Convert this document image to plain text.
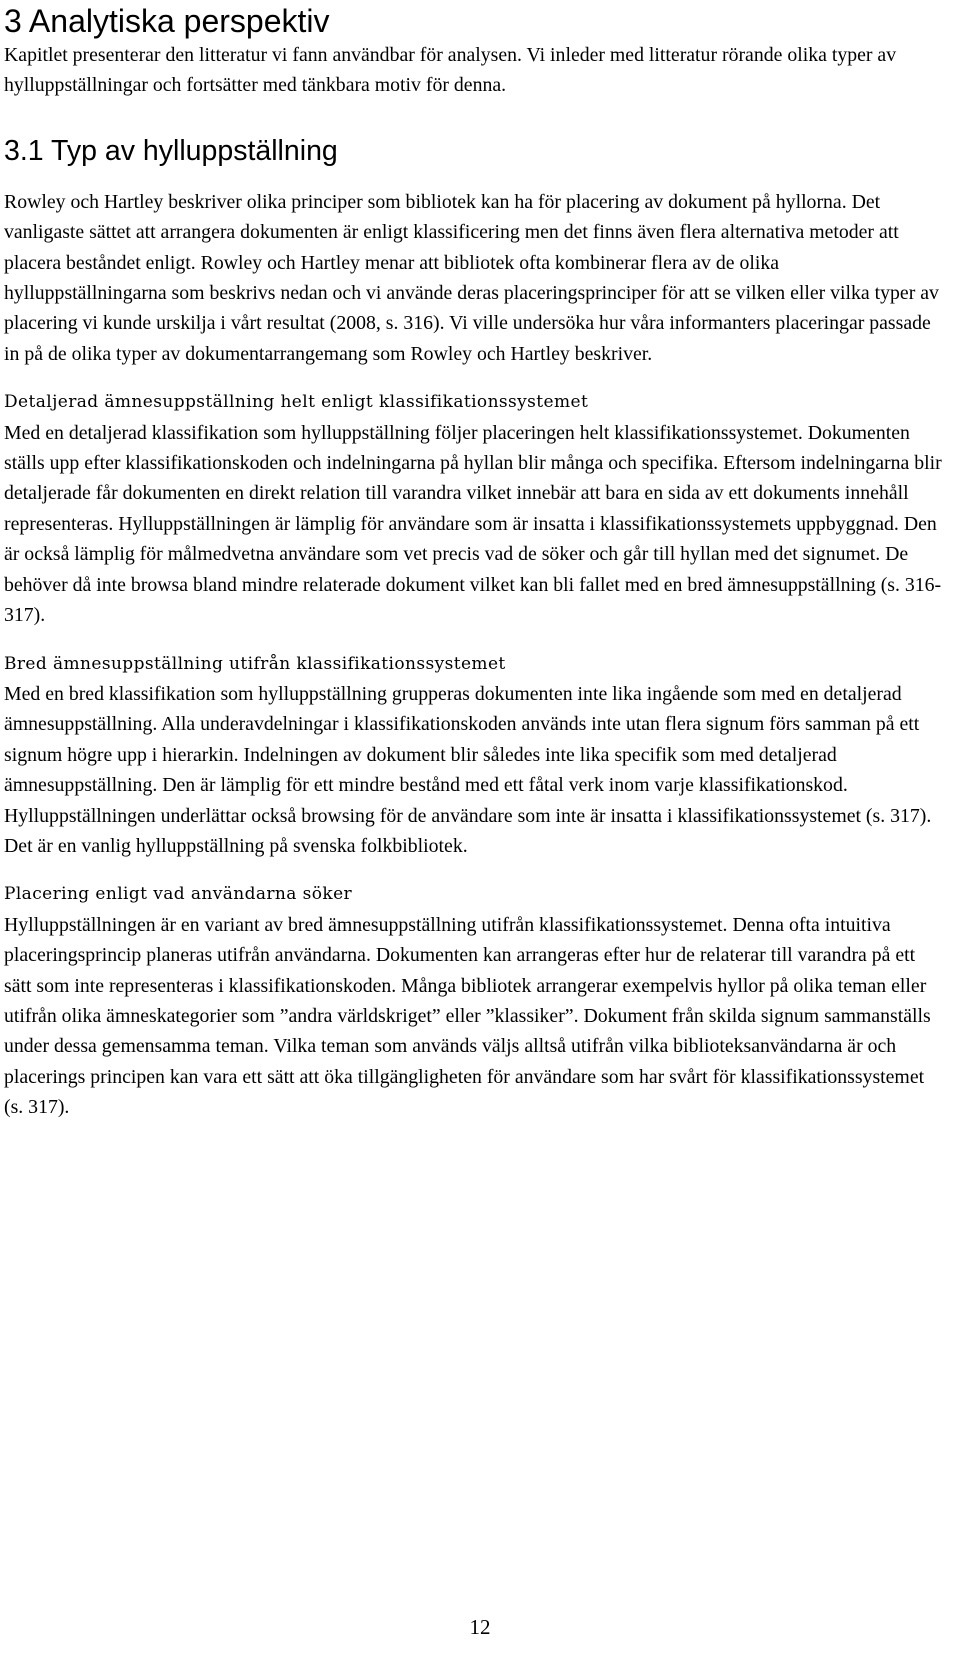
3 Analytiska perspektiv

Kapitlet presenterar den litteratur vi fann användbar för analysen. Vi inleder med litteratur rörande olika typer av hylluppställningar och fortsätter med tänkbara motiv för denna.

3.1 Typ av hylluppställning

Rowley och Hartley beskriver olika principer som bibliotek kan ha för placering av dokument på hyllorna. Det vanligaste sättet att arrangera dokumenten är enligt klassificering men det finns även flera alternativa metoder att placera beståndet enligt. Rowley och Hartley menar att bibliotek ofta kombinerar flera av de olika hylluppställningarna som beskrivs nedan och vi använde deras placeringsprinciper för att se vilken eller vilka typer av placering vi kunde urskilja i vårt resultat (2008, s. 316). Vi ville undersöka hur våra informanters placeringar passade in på de olika typer av dokumentarrangemang som Rowley och Hartley beskriver.

Detaljerad ämnesuppställning helt enligt klassifikationssystemet

Med en detaljerad klassifikation som hylluppställning följer placeringen helt klassifikationssystemet. Dokumenten ställs upp efter klassifikationskoden och indelningarna på hyllan blir många och specifika. Eftersom indelningarna blir detaljerade får dokumenten en direkt relation till varandra vilket innebär att bara en sida av ett dokuments innehåll representeras. Hylluppställningen är lämplig för användare som är insatta i klassifikationssystemets uppbyggnad. Den är också lämplig för målmedvetna användare som vet precis vad de söker och går till hyllan med det signumet. De behöver då inte browsa bland mindre relaterade dokument vilket kan bli fallet med en bred ämnesuppställning (s. 316-317).

Bred ämnesuppställning utifrån klassifikationssystemet

Med en bred klassifikation som hylluppställning grupperas dokumenten inte lika ingående som med en detaljerad ämnesuppställning. Alla underavdelningar i klassifikationskoden används inte utan flera signum förs samman på ett signum högre upp i hierarkin. Indelningen av dokument blir således inte lika specifik som med detaljerad ämnesuppställning. Den är lämplig för ett mindre bestånd med ett fåtal verk inom varje klassifikationskod. Hylluppställningen underlättar också browsing för de användare som inte är insatta i klassifikationssystemet (s. 317). Det är en vanlig hylluppställning på svenska folkbibliotek.

Placering enligt vad användarna söker

Hylluppställningen är en variant av bred ämnesuppställning utifrån klassifikationssystemet. Denna ofta intuitiva placeringsprincip planeras utifrån användarna. Dokumenten kan arrangeras efter hur de relaterar till varandra på ett sätt som inte representeras i klassifikationskoden. Många bibliotek arrangerar exempelvis hyllor på olika teman eller utifrån olika ämneskategorier som ”andra världskriget” eller ”klassiker”. Dokument från skilda signum sammanställs under dessa gemensamma teman. Vilka teman som används väljs alltså utifrån vilka biblioteksanvändarna är och placerings principen kan vara ett sätt att öka tillgängligheten för användare som har svårt för klassifikationssystemet (s. 317).

12
